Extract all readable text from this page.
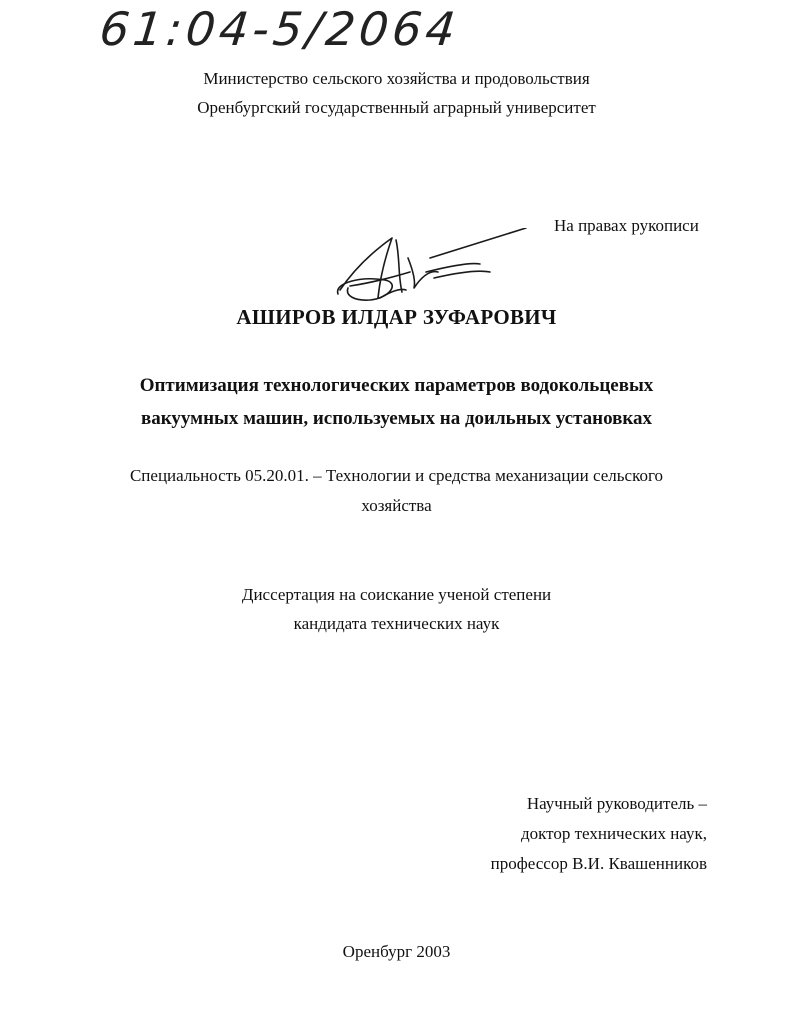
61:04-5/2064
Министерство сельского хозяйства и продовольствия
Оренбургский государственный аграрный университет
На правах рукописи
АШИРОВ ИЛДАР ЗУФАРОВИЧ
Оптимизация технологических параметров водокольцевых
вакуумных машин, используемых на доильных установках
Специальность 05.20.01. – Технологии и средства механизации сельского
хозяйства
Диссертация на соискание ученой степени
кандидата технических наук
Научный руководитель –
доктор технических наук,
профессор В.И. Квашенников
Оренбург 2003
